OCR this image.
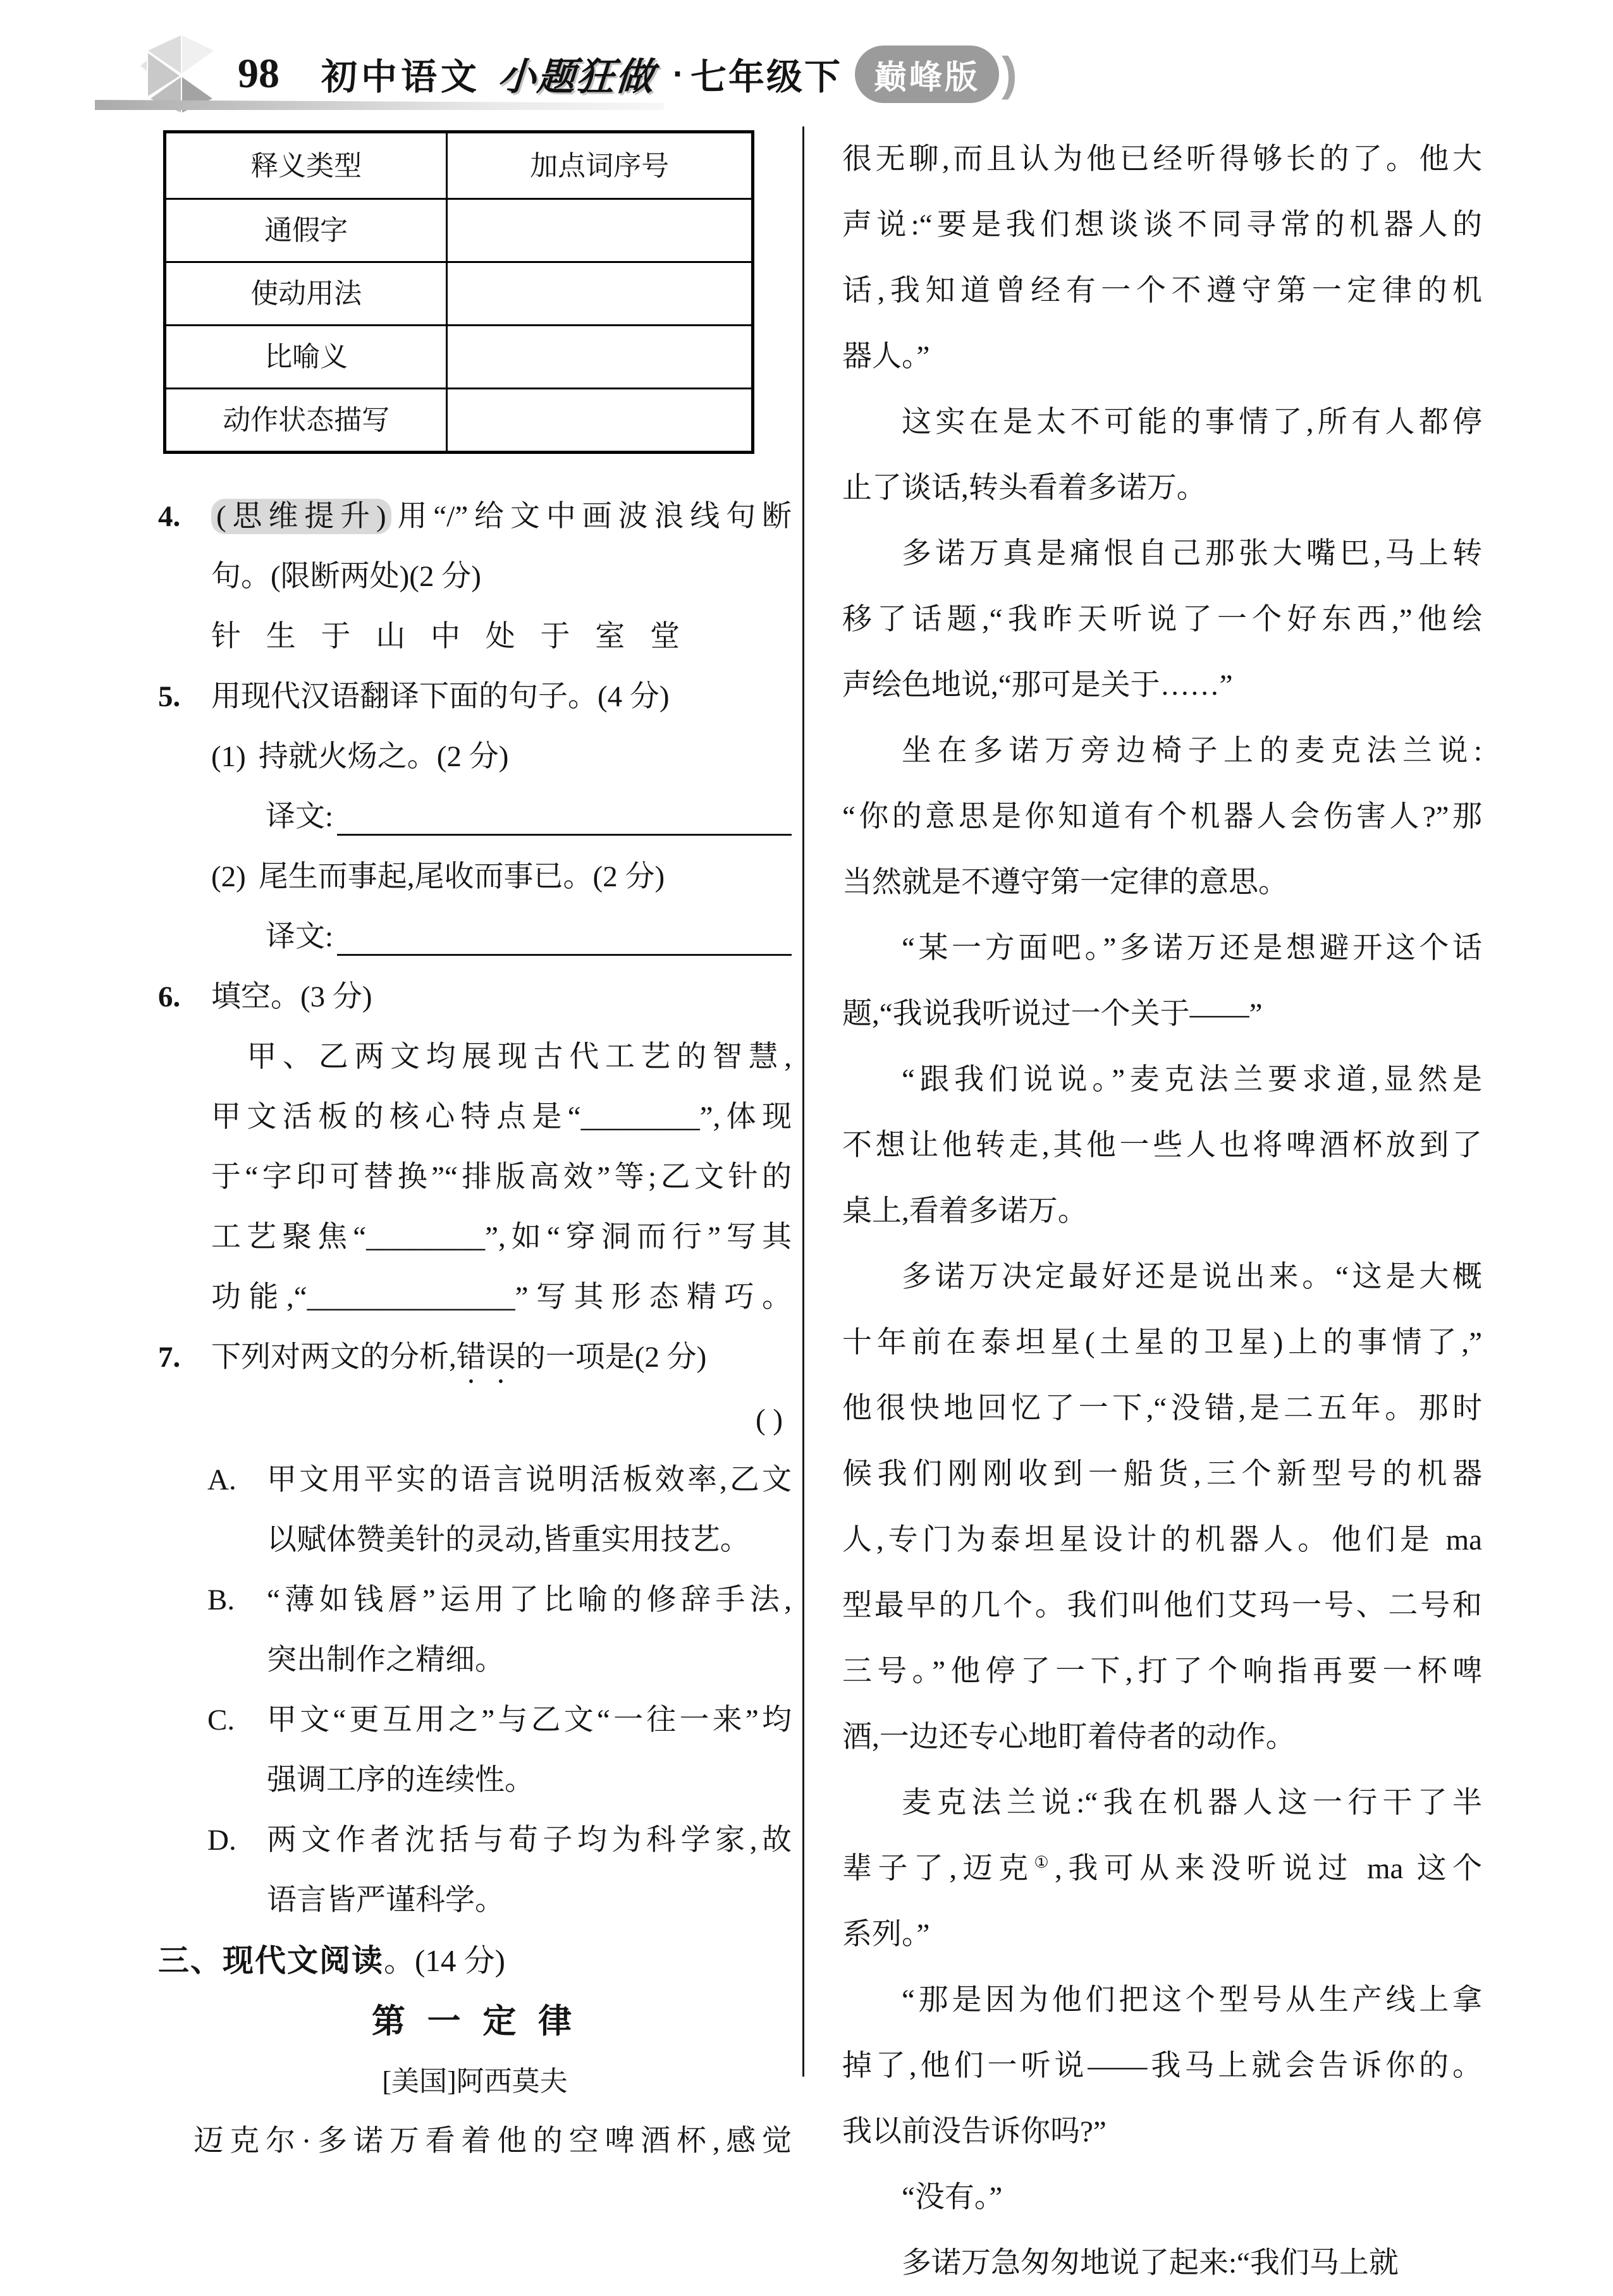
98 初中语文 小题狂做 · 七年级下 巅峰版 )
释义类型	加点词序号
通假字	
使动用法	
比喻义	
动作状态描写	
4.	(思维提升) 用“/”给文中画波浪线句断
句。(限断两处)(2 分)
针 生 于 山 中 处 于 室 堂
5.	用现代汉语翻译下面的句子。(4 分)
(1) 持就火炀之。(2 分)
译文:
(2) 尾生而事起,尾收而事已。(2 分)
译文:
6.	填空。(3 分)
甲、乙两文均展现古代工艺的智慧,
甲文活板的核心特点是“________”,体现
于“字印可替换”“排版高效”等;乙文针的
工艺聚焦“________”,如“穿洞而行”写其
功能,“______________”写其形态精巧。
7.	下列对两文的分析,错误的一项是(2 分)
( )
A.	甲文用平实的语言说明活板效率,乙文
以赋体赞美针的灵动,皆重实用技艺。
B.	“薄如钱唇”运用了比喻的修辞手法,
突出制作之精细。
C.	甲文“更互用之”与乙文“一往一来”均
强调工序的连续性。
D.	两文作者沈括与荀子均为科学家,故
语言皆严谨科学。
三、现代文阅读。(14 分)
第 一 定 律
[美国]阿西莫夫
迈克尔·多诺万看着他的空啤酒杯,感觉
很无聊,而且认为他已经听得够长的了。他大
声说:“要是我们想谈谈不同寻常的机器人的
话,我知道曾经有一个不遵守第一定律的机
器人。”
这实在是太不可能的事情了,所有人都停
止了谈话,转头看着多诺万。
多诺万真是痛恨自己那张大嘴巴,马上转
移了话题,“我昨天听说了一个好东西,”他绘
声绘色地说,“那可是关于……”
坐在多诺万旁边椅子上的麦克法兰说:
“你的意思是你知道有个机器人会伤害人?”那
当然就是不遵守第一定律的意思。
“某一方面吧。”多诺万还是想避开这个话
题,“我说我听说过一个关于——”
“跟我们说说。”麦克法兰要求道,显然是
不想让他转走,其他一些人也将啤酒杯放到了
桌上,看着多诺万。
多诺万决定最好还是说出来。“这是大概
十年前在泰坦星(土星的卫星)上的事情了,”
他很快地回忆了一下,“没错,是二五年。那时
候我们刚刚收到一船货,三个新型号的机器
人,专门为泰坦星设计的机器人。他们是 ma
型最早的几个。我们叫他们艾玛一号、二号和
三号。”他停了一下,打了个响指再要一杯啤
酒,一边还专心地盯着侍者的动作。
麦克法兰说:“我在机器人这一行干了半
辈子了,迈克①,我可从来没听说过 ma 这个
系列。”
“那是因为他们把这个型号从生产线上拿
掉了,他们一听说——我马上就会告诉你的。
我以前没告诉你吗?”
“没有。”
多诺万急匆匆地说了起来:“我们马上就
